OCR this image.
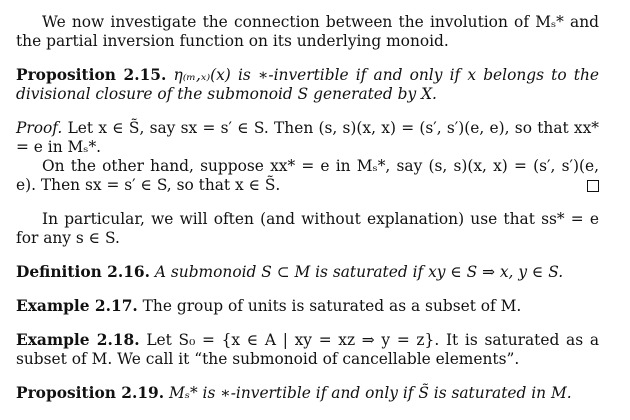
We now investigate the connection between the involution of Mₛ* and the partial inversion function on its underlying monoid.

Proposition 2.15. η₍ₘ,ₓ₎(x) is ∗-invertible if and only if x belongs to the divisional closure of the submonoid S generated by X.

Proof. Let x ∈ S̃, say sx = s′ ∈ S. Then (s, s)(x, x) = (s′, s′)(e, e), so that xx* = e in Mₛ*.

On the other hand, suppose xx* = e in Mₛ*, say (s, s)(x, x) = (s′, s′)(e, e). Then sx = s′ ∈ S, so that x ∈ S̃.

In particular, we will often (and without explanation) use that ss* = e for any s ∈ S.

Definition 2.16. A submonoid S ⊂ M is saturated if xy ∈ S ⇒ x, y ∈ S.

Example 2.17. The group of units is saturated as a subset of M.

Example 2.18. Let S₀ = {x ∈ A | xy = xz ⇒ y = z}. It is saturated as a subset of M. We call it “the submonoid of cancellable elements”.

Proposition 2.19. Mₛ* is ∗-invertible if and only if S̃ is saturated in M.
